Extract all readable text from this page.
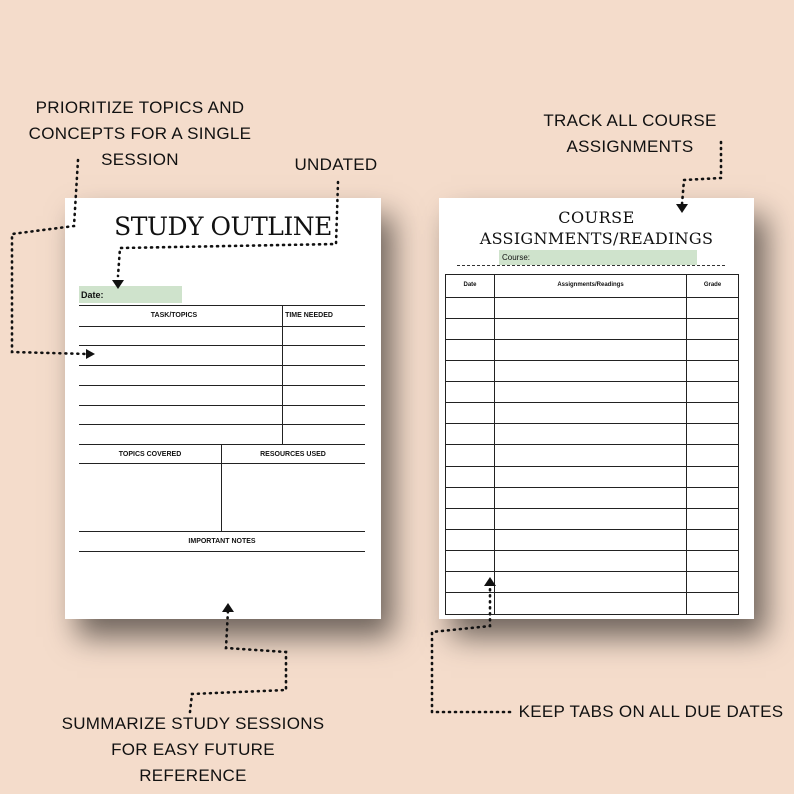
PRIORITIZE TOPICS AND CONCEPTS FOR A SINGLE SESSION	UNDATED
TRACK ALL COURSE ASSIGNMENTS
SUMMARIZE STUDY SESSIONS FOR EASY FUTURE REFERENCE
KEEP TABS ON ALL DUE DATES
STUDY OUTLINE
Date:
TASK/TOPICS	TIME NEEDED
TOPICS COVERED	RESOURCES USED
IMPORTANT NOTES
COURSE
ASSIGNMENTS/READINGS
Course:
Date	Assignments/Readings	Grade
